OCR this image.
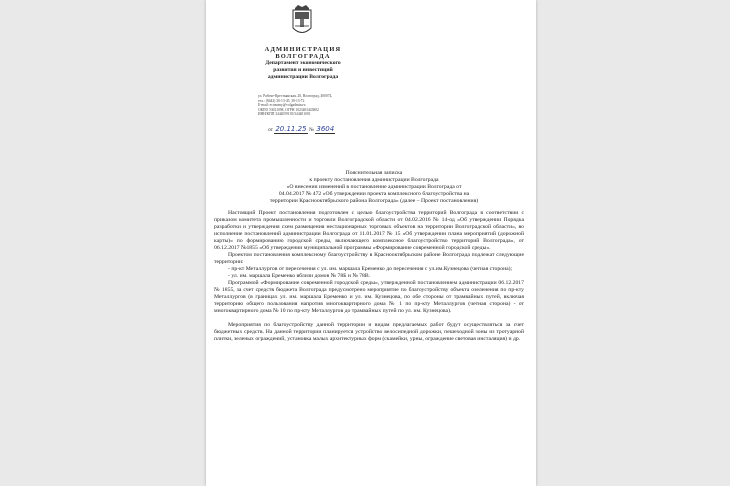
АДМИНИСТРАЦИЯ
ВОЛГОГРАДА
Департамент экономического
развития и инвестиций
администрации Волгограда
ул. Рабоче-Крестьянская, 20, Волгоград, 400074,
тел.: (8442) 30-13-45, 30-13-72
E-mail: economy@volgadmin.ru
ОКПО 53021098, ОГРН 1023403443802
ИНН/КПП 3444059139/344401001
от 20.11.25 № 3604
Пояснительная записка
к проекту постановления администрации Волгограда
«О внесении изменений в постановление администрации Волгограда от
04.04.2017 № 472 «Об утверждении проекта комплексного благоустройства на
территории Краснооктябрьского района Волгограда» (далее – Проект постановления)

Настоящий Проект постановления подготовлен с целью благоустройства территорий Волгограда в соответствии с приказом комитета промышленности и торговли Волгоградской области от 04.02.2016 № 14-од «Об утверждении Порядка разработки и утверждения схем размещения нестационарных торговых объектов на территории Волгоградской области», во исполнение постановлений администрации Волгограда от 11.01.2017 № 15 «Об утверждении плана мероприятий (дорожной карты)» по формированию городской среды, включающего комплексное благоустройство территорий Волгограда», от 06.12.2017 №1855 «Об утверждении муниципальной программы «Формирование современной городской среды».

Проектом постановления комплексному благоустройству в Краснооктябрьском районе Волгограда подлежат следующие территории:

- пр-кт Металлургов от пересечения с ул. им. маршала Еременко до пересечения с ул.им.Кузнецова (четная сторона);

- ул. им. маршала Еременко вблизи домов № 78Б и № 78В.

Программой «Формирование современной городской среды», утвержденной постановлением администрации 06.12.2017 № 1855, за счет средств бюджета Волгограда предусмотрено мероприятие по благоустройству объекта озеленения по пр-кту Металлургов (в границах ул. им. маршала Еременко и ул. им. Кузнецова, по обе стороны от трамвайных путей, включая территорию общего пользования напротив многоквартирного дома № 1 по пр-кту Металлургов (четная сторона) - от многоквартирного дома № 10 по пр-кту Металлургов до трамвайных путей по ул. им. Кузнецова).

Мероприятия по благоустройству данной территории и видам предлагаемых работ будут осуществляться за счет бюджетных средств. На данной территории планируется устройство велосипедной дорожки, пешеходной зоны из тротуарной плитки, зеленых ограждений, установка малых архитектурных форм (скамейки, урны, ограждение световая инсталяция) и др.
